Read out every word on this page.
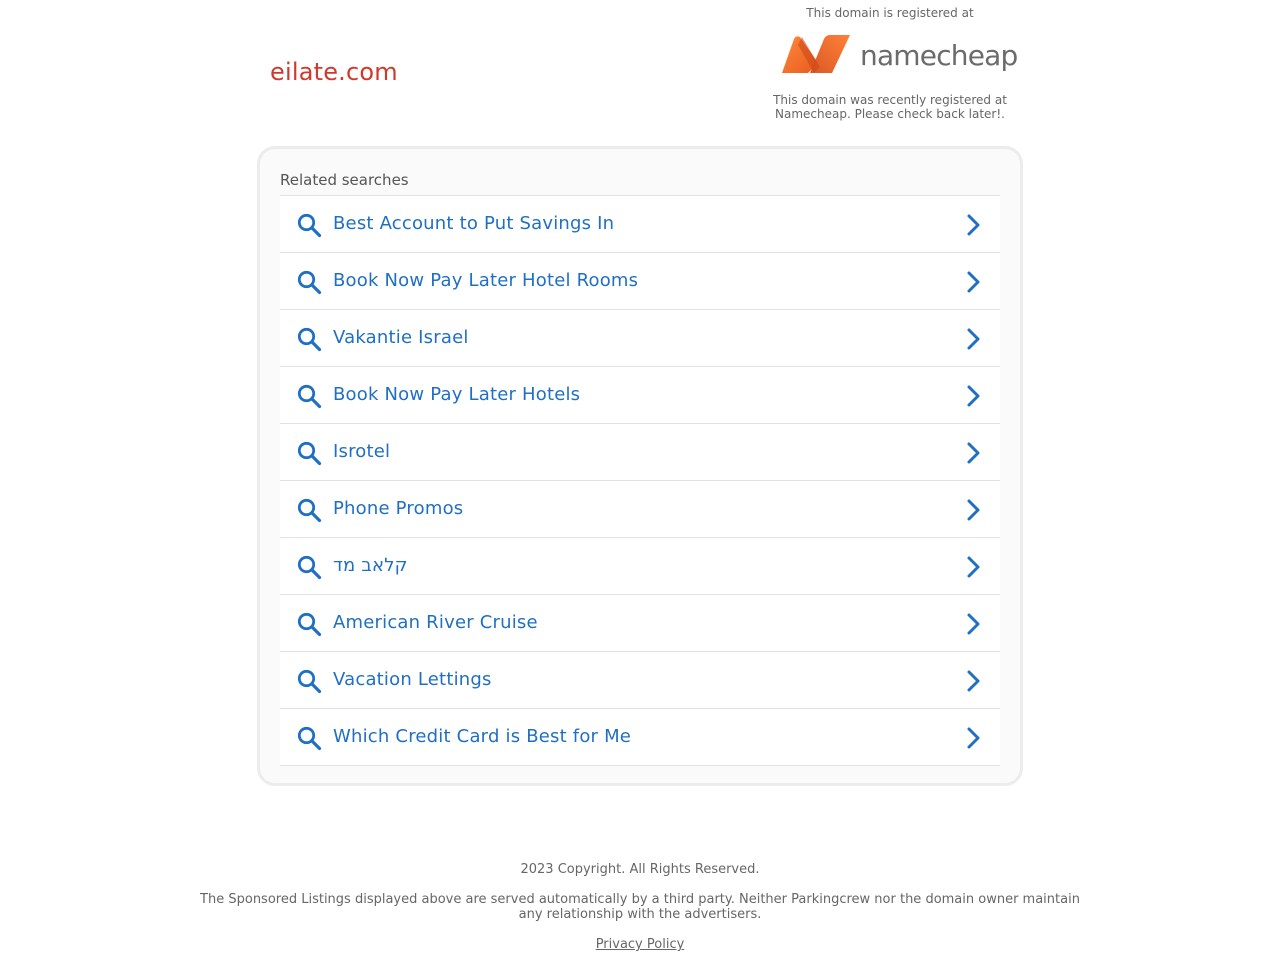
eilate.com
This domain is registered at
namecheap
This domain was recently registered at
Namecheap. Please check back later!.
Related searches
Best Account to Put Savings In
Book Now Pay Later Hotel Rooms
Vakantie Israel
Book Now Pay Later Hotels
Isrotel
Phone Promos
קלאב מד
American River Cruise
Vacation Lettings
Which Credit Card is Best for Me
2023 Copyright. All Rights Reserved.
The Sponsored Listings displayed above are served automatically by a third party. Neither Parkingcrew nor the domain owner maintain any relationship with the advertisers.
Privacy Policy
